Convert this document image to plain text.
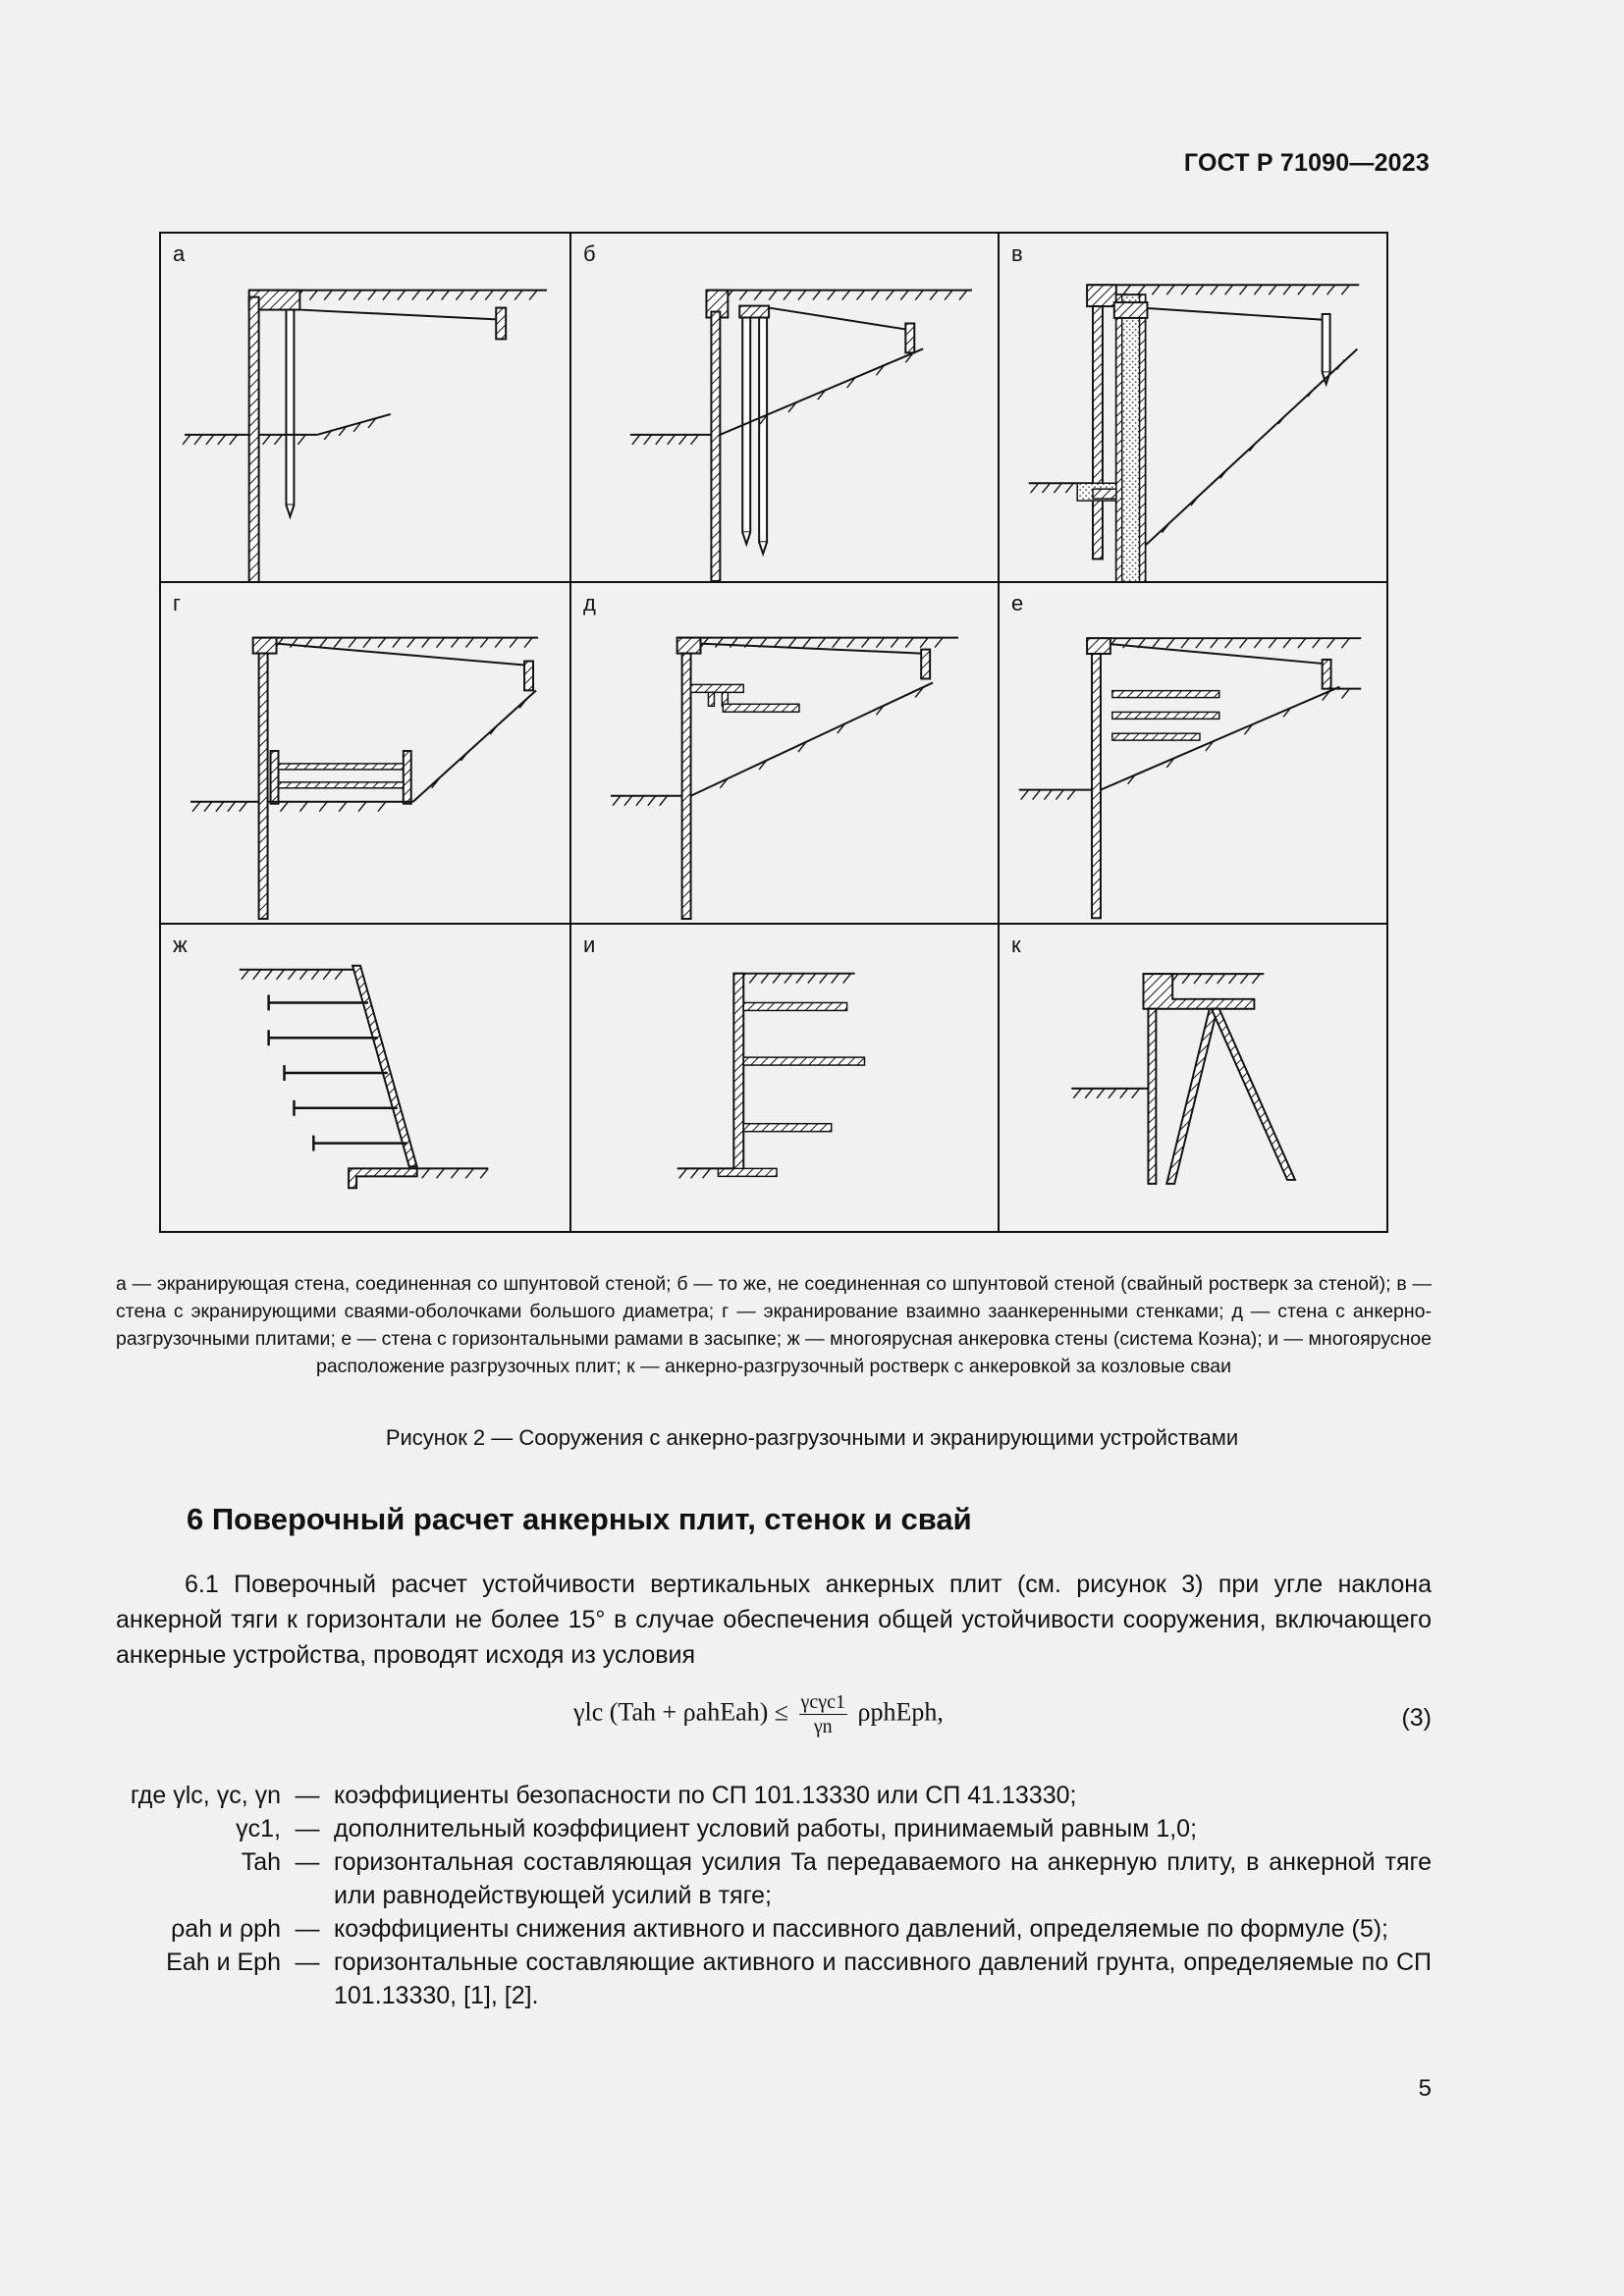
ГОСТ Р 71090—2023
а	б	в
г	д	е
ж	и	к
а — экранирующая стена, соединенная со шпунтовой стеной; б — то же, не соединенная со шпунтовой стеной (свайный ростверк за стеной); в — стена с экранирующими сваями-оболочками большого диаметра; г — экранирование взаимно заанкеренными стенками; д — стена с анкерно-разгрузочными плитами; е — стена с горизонтальными рамами в засыпке; ж — многоярусная анкеровка стены (система Коэна); и — многоярусное расположение разгрузочных плит; к — анкерно-разгрузочный ростверк с анкеровкой за козловые сваи
Рисунок 2 — Сооружения с анкерно-разгрузочными и экранирующими устройствами
6 Поверочный расчет анкерных плит, стенок и свай
6.1 Поверочный расчет устойчивости вертикальных анкерных плит (см. рисунок 3) при угле наклона анкерной тяги к горизонтали не более 15° в случае обеспечения общей устойчивости сооружения, включающего анкерные устройства, проводят исходя из условия
γlc (Tah + ρahEah) ≤ $\frac{\text{γcγc1}}{\gamma n}$ ρphEph,	(3)
где γlc, γc, γn — коэффициенты безопасности по СП 101.13330 или СП 41.13330;
γc1, — дополнительный коэффициент условий работы, принимаемый равным 1,0;
Tah — горизонтальная составляющая усилия Ta передаваемого на анкерную плиту, в анкерной тяге или равнодействующей усилий в тяге;
ρah и ρph — коэффициенты снижения активного и пассивного давлений, определяемые по формуле (5);
Eah и Eph — горизонтальные составляющие активного и пассивного давлений грунта, определяемые по СП 101.13330, [1], [2].
5
